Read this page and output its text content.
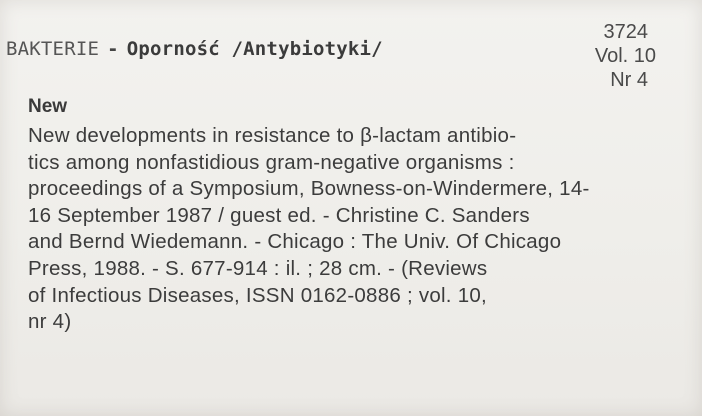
BAKTERIE - Oporność /Antybiotyki/
3724
Vol. 10
Nr 4
New
New developments in resistance to β-lactam antibio-
tics among nonfastidious gram-negative organisms :
proceedings of a Symposium, Bowness-on-Windermere, 14-
16 September 1987 / guest ed. - Christine C. Sanders
and Bernd Wiedemann. - Chicago : The Univ. Of Chicago
Press, 1988. - S. 677-914 : il. ; 28 cm. - (Reviews
of Infectious Diseases, ISSN 0162-0886 ; vol. 10,
nr 4)
